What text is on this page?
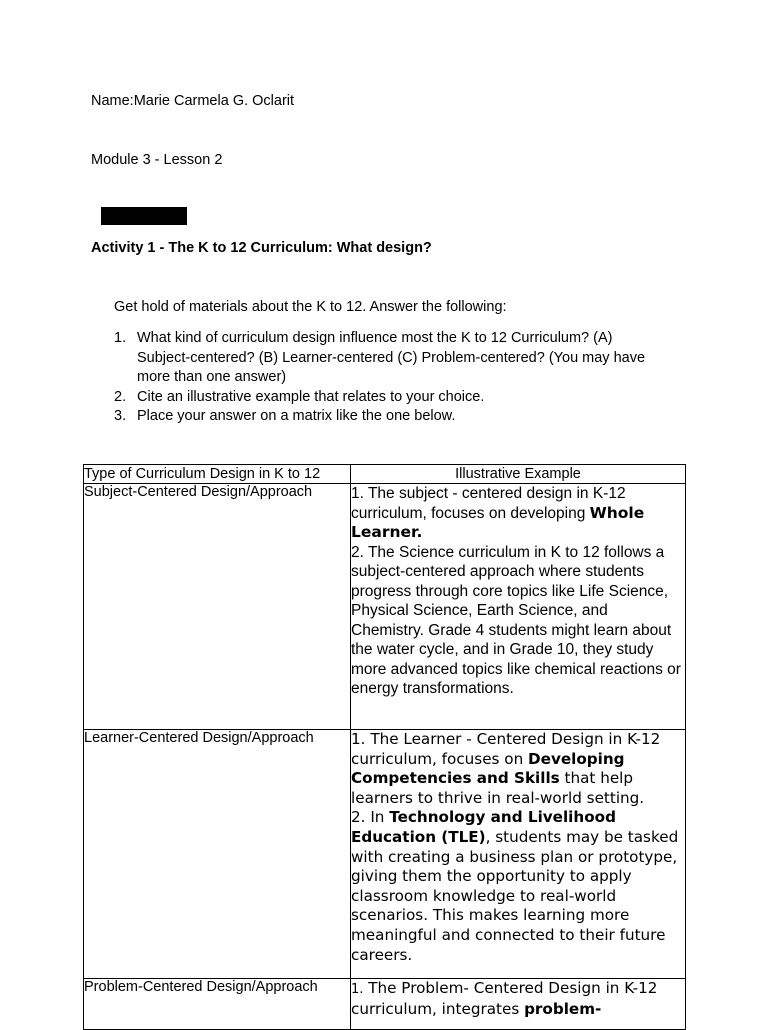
Name:Marie Carmela G. Oclarit
Module 3 - Lesson 2
Activity 1 - The K to 12 Curriculum: What design?
Get hold of materials about the K to 12. Answer the following:
1. What kind of curriculum design influence most the K to 12 Curriculum? (A) Subject-centered? (B) Learner-centered (C) Problem-centered? (You may have more than one answer)
2. Cite an illustrative example that relates to your choice.
3. Place your answer on a matrix like the one below.
Type of Curriculum Design in K to 12	Illustrative Example
Subject-Centered Design/Approach	1. The subject - centered design in K-12 curriculum, focuses on developing Whole Learner.
2. The Science curriculum in K to 12 follows a subject-centered approach where students progress through core topics like Life Science, Physical Science, Earth Science, and Chemistry. Grade 4 students might learn about the water cycle, and in Grade 10, they study more advanced topics like chemical reactions or energy transformations.

Learner-Centered Design/Approach	1. The Learner - Centered Design in K-12 curriculum, focuses on Developing Competencies and Skills that help learners to thrive in real-world setting.
2. In Technology and Livelihood Education (TLE), students may be tasked with creating a business plan or prototype, giving them the opportunity to apply classroom knowledge to real-world scenarios. This makes learning more meaningful and connected to their future careers.

Problem-Centered Design/Approach	1. The Problem- Centered Design in K-12 curriculum, integrates problem-
